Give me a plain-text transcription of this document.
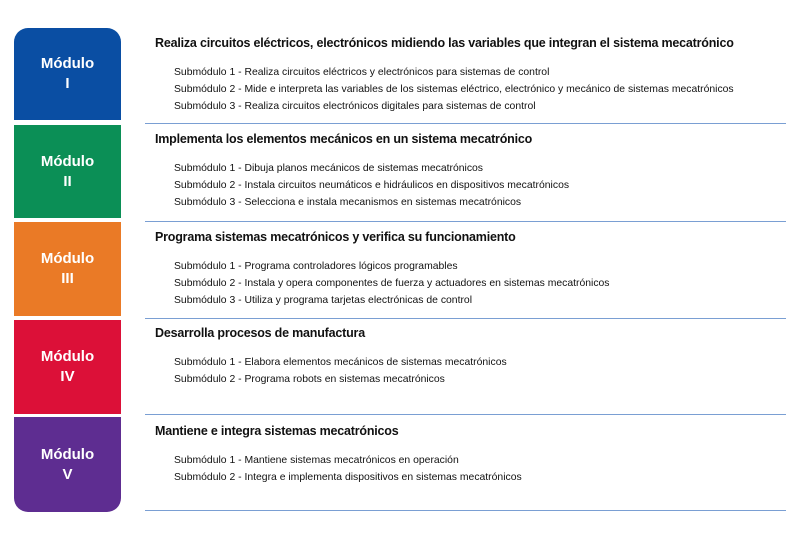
Módulo
I
Realiza circuitos eléctricos, electrónicos midiendo las variables que integran el sistema mecatrónico
Submódulo 1 - Realiza circuitos eléctricos y electrónicos para sistemas de control
Submódulo 2 - Mide e interpreta las variables de los sistemas eléctrico, electrónico y mecánico de sistemas mecatrónicos
Submódulo 3 - Realiza circuitos electrónicos digitales para sistemas de control
Módulo
II
Implementa los elementos mecánicos en un sistema mecatrónico
Submódulo 1 - Dibuja planos mecánicos de sistemas mecatrónicos
Submódulo 2 - Instala circuitos neumáticos e hidráulicos en dispositivos mecatrónicos
Submódulo 3 - Selecciona e instala mecanismos en sistemas mecatrónicos
Módulo
III
Programa sistemas mecatrónicos y verifica su funcionamiento
Submódulo 1 - Programa controladores lógicos programables
Submódulo 2 - Instala y opera componentes de fuerza y actuadores en sistemas mecatrónicos
Submódulo 3 - Utiliza y programa tarjetas electrónicas de control
Módulo
IV
Desarrolla procesos de manufactura
Submódulo 1 - Elabora elementos mecánicos de sistemas mecatrónicos
Submódulo 2 - Programa robots en sistemas mecatrónicos
Módulo
V
Mantiene e integra sistemas mecatrónicos
Submódulo 1 - Mantiene sistemas mecatrónicos en operación
Submódulo 2 - Integra e implementa dispositivos en sistemas mecatrónicos
